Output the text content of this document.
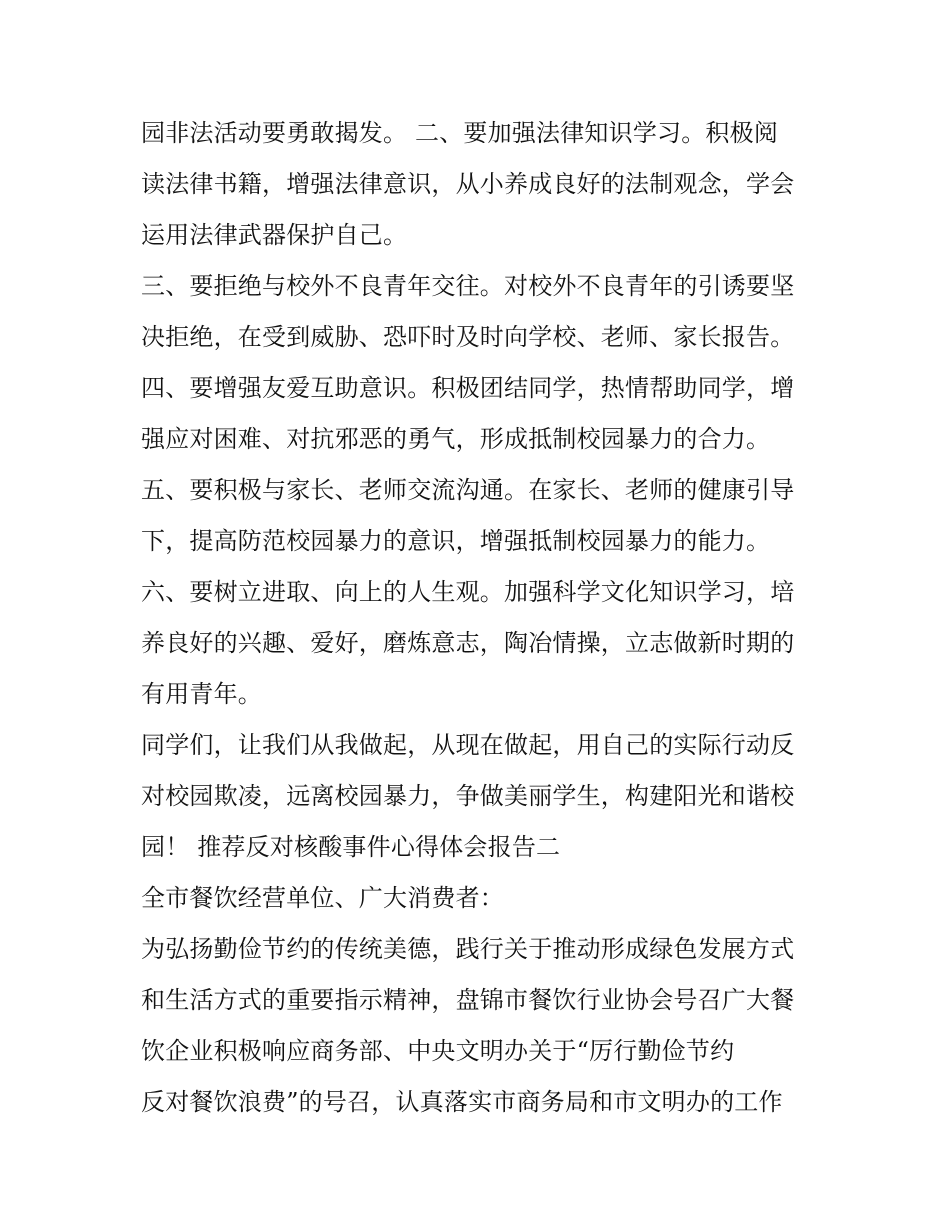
园非法活动要勇敢揭发。 二、要加强法律知识学习。积极阅
读法律书籍，增强法律意识，从小养成良好的法制观念，学会
运用法律武器保护自己。
三、要拒绝与校外不良青年交往。对校外不良青年的引诱要坚
决拒绝，在受到威胁、恐吓时及时向学校、老师、家长报告。
四、要增强友爱互助意识。积极团结同学，热情帮助同学，增
强应对困难、对抗邪恶的勇气，形成抵制校园暴力的合力。
五、要积极与家长、老师交流沟通。在家长、老师的健康引导
下，提高防范校园暴力的意识，增强抵制校园暴力的能力。
六、要树立进取、向上的人生观。加强科学文化知识学习，培
养良好的兴趣、爱好，磨炼意志，陶冶情操，立志做新时期的
有用青年。
同学们，让我们从我做起，从现在做起，用自己的实际行动反
对校园欺凌，远离校园暴力，争做美丽学生，构建阳光和谐校
园！ 推荐反对核酸事件心得体会报告二
全市餐饮经营单位、广大消费者：
为弘扬勤俭节约的传统美德，践行关于推动形成绿色发展方式
和生活方式的重要指示精神，盘锦市餐饮行业协会号召广大餐
饮企业积极响应商务部、中央文明办关于“厉行勤俭节约
反对餐饮浪费”的号召，认真落实市商务局和市文明办的工作
